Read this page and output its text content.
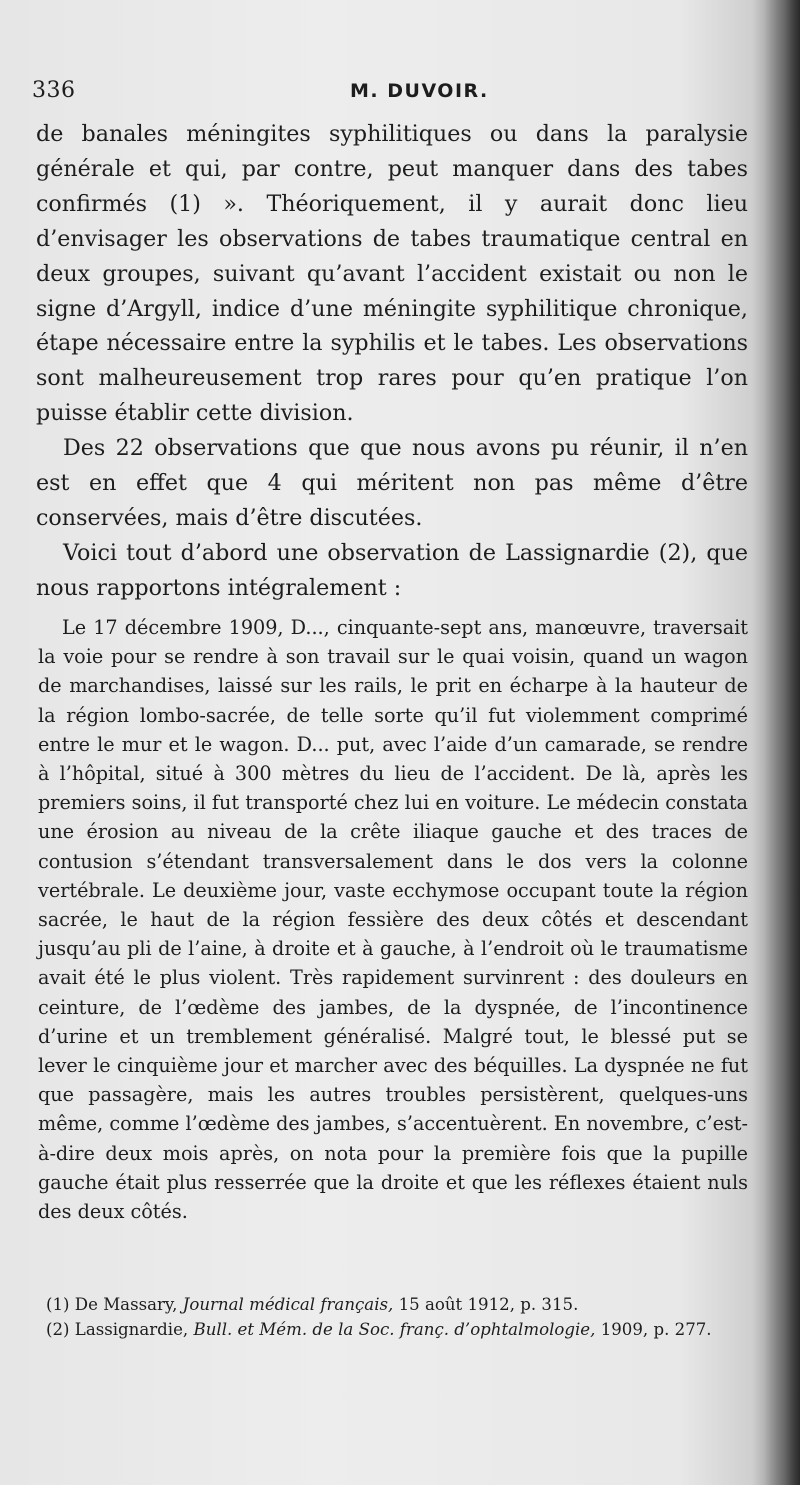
336	M. DUVOIR.

de banales méningites syphilitiques ou dans la paralysie générale et qui, par contre, peut manquer dans des tabes confirmés (1) ». Théoriquement, il y aurait donc lieu d’envisager les observations de tabes traumatique central en deux groupes, suivant qu’avant l’accident existait ou non le signe d’Argyll, indice d’une méningite syphilitique chronique, étape nécessaire entre la syphilis et le tabes. Les observations sont malheureusement trop rares pour qu’en pratique l’on puisse établir cette division.

Des 22 observations que que nous avons pu réunir, il n’en est en effet que 4 qui méritent non pas même d’être conservées, mais d’être discutées.

Voici tout d’abord une observation de Lassignardie (2), que nous rapportons intégralement :

Le 17 décembre 1909, D..., cinquante-sept ans, manœuvre, traversait la voie pour se rendre à son travail sur le quai voisin, quand un wagon de marchandises, laissé sur les rails, le prit en écharpe à la hauteur de la région lombo-sacrée, de telle sorte qu’il fut violemment comprimé entre le mur et le wagon. D... put, avec l’aide d’un camarade, se rendre à l’hôpital, situé à 300 mètres du lieu de l’accident. De là, après les premiers soins, il fut transporté chez lui en voiture. Le médecin constata une érosion au niveau de la crête iliaque gauche et des traces de contusion s’étendant transversalement dans le dos vers la colonne vertébrale. Le deuxième jour, vaste ecchymose occupant toute la région sacrée, le haut de la région fessière des deux côtés et descendant jusqu’au pli de l’aine, à droite et à gauche, à l’endroit où le traumatisme avait été le plus violent. Très rapidement survinrent : des douleurs en ceinture, de l’œdème des jambes, de la dyspnée, de l’incontinence d’urine et un tremblement généralisé. Malgré tout, le blessé put se lever le cinquième jour et marcher avec des béquilles. La dyspnée ne fut que passagère, mais les autres troubles persistèrent, quelques-uns même, comme l’œdème des jambes, s’accentuèrent. En novembre, c’est-à-dire deux mois après, on nota pour la première fois que la pupille gauche était plus resserrée que la droite et que les réflexes étaient nuls des deux côtés.

(1) De Massary, Journal médical français, 15 août 1912, p. 315.

(2) Lassignardie, Bull. et Mém. de la Soc. franç. d’ophtalmologie, 1909, p. 277.
